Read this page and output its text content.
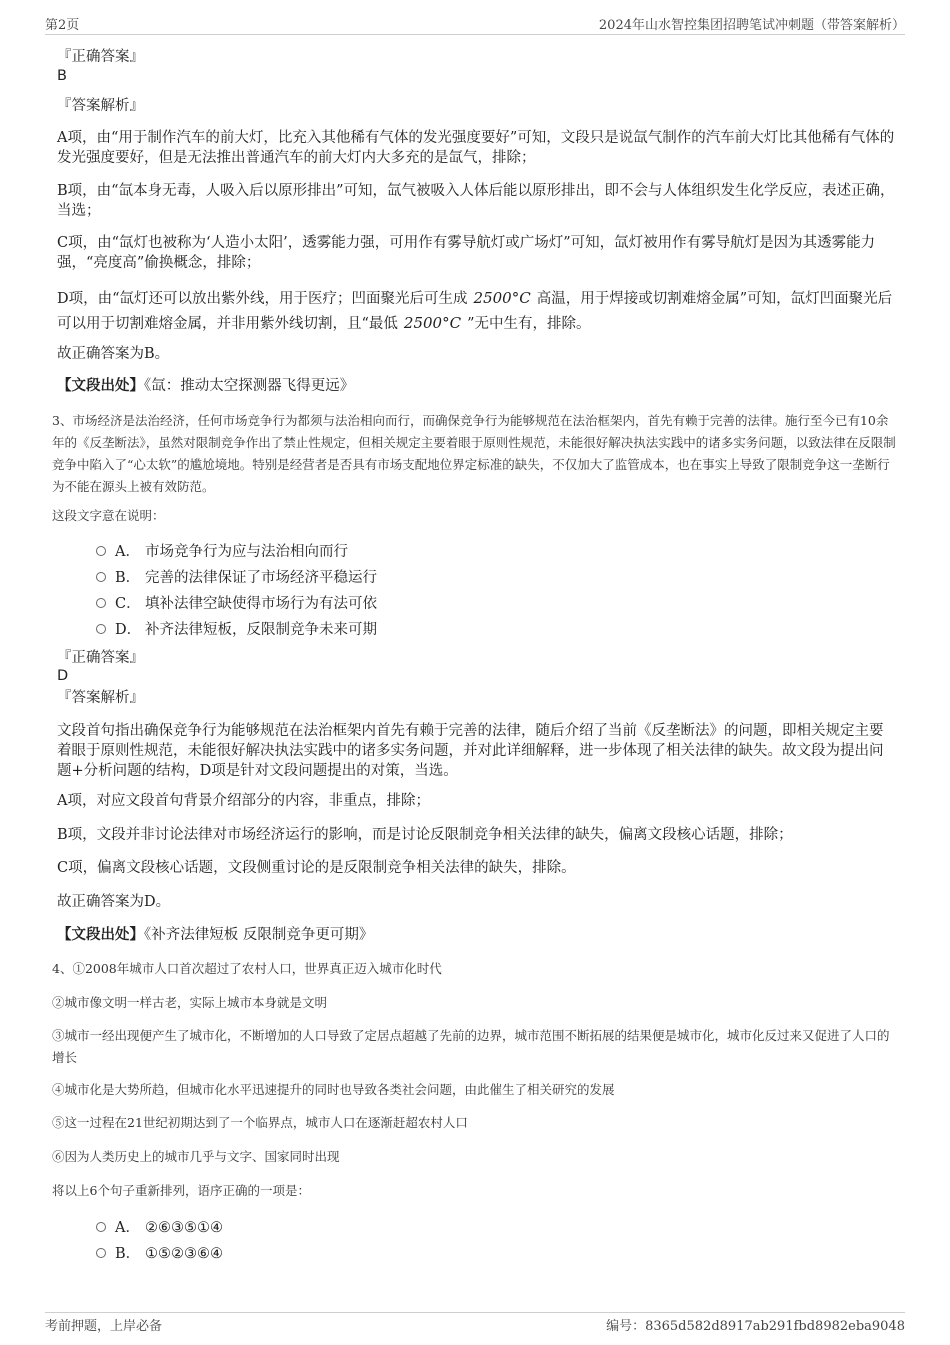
第2页	2024年山水智控集团招聘笔试冲刺题（带答案解析）
『正确答案』
B
『答案解析』
A项，由“用于制作汽车的前大灯，比充入其他稀有气体的发光强度要好”可知，文段只是说氙气制作的汽车前大灯比其他稀有气体的发光强度要好，但是无法推出普通汽车的前大灯内大多充的是氙气，排除；
B项，由“氙本身无毒，人吸入后以原形排出”可知，氙气被吸入人体后能以原形排出，即不会与人体组织发生化学反应，表述正确，当选；
C项，由“氙灯也被称为‘人造小太阳’，透雾能力强，可用作有雾导航灯或广场灯”可知，氙灯被用作有雾导航灯是因为其透雾能力强，“亮度高”偷换概念，排除；
D项，由“氙灯还可以放出紫外线，用于医疗；凹面聚光后可生成 2500°C 高温，用于焊接或切割难熔金属”可知，氙灯凹面聚光后可以用于切割难熔金属，并非用紫外线切割，且“最低 2500°C ”无中生有，排除。
故正确答案为B。
【文段出处】《氙：推动太空探测器飞得更远》
3、市场经济是法治经济，任何市场竞争行为都须与法治相向而行，而确保竞争行为能够规范在法治框架内，首先有赖于完善的法律。施行至今已有10余年的《反垄断法》，虽然对限制竞争作出了禁止性规定，但相关规定主要着眼于原则性规范，未能很好解决执法实践中的诸多实务问题，以致法律在反限制竞争中陷入了“心太软”的尴尬境地。特别是经营者是否具有市场支配地位界定标准的缺失，不仅加大了监管成本，也在事实上导致了限制竞争这一垄断行为不能在源头上被有效防范。
这段文字意在说明：
A． 市场竞争行为应与法治相向而行
B． 完善的法律保证了市场经济平稳运行
C． 填补法律空缺使得市场行为有法可依
D． 补齐法律短板，反限制竞争未来可期
『正确答案』
D
『答案解析』
文段首句指出确保竞争行为能够规范在法治框架内首先有赖于完善的法律，随后介绍了当前《反垄断法》的问题，即相关规定主要着眼于原则性规范，未能很好解决执法实践中的诸多实务问题，并对此详细解释，进一步体现了相关法律的缺失。故文段为提出问题+分析问题的结构，D项是针对文段问题提出的对策，当选。
A项，对应文段首句背景介绍部分的内容，非重点，排除；
B项，文段并非讨论法律对市场经济运行的影响，而是讨论反限制竞争相关法律的缺失，偏离文段核心话题，排除；
C项，偏离文段核心话题，文段侧重讨论的是反限制竞争相关法律的缺失，排除。
故正确答案为D。
【文段出处】《补齐法律短板 反限制竞争更可期》
4、①2008年城市人口首次超过了农村人口，世界真正迈入城市化时代
②城市像文明一样古老，实际上城市本身就是文明
③城市一经出现便产生了城市化，不断增加的人口导致了定居点超越了先前的边界，城市范围不断拓展的结果便是城市化，城市化反过来又促进了人口的增长
④城市化是大势所趋，但城市化水平迅速提升的同时也导致各类社会问题，由此催生了相关研究的发展
⑤这一过程在21世纪初期达到了一个临界点，城市人口在逐渐赶超农村人口
⑥因为人类历史上的城市几乎与文字、国家同时出现
将以上6个句子重新排列，语序正确的一项是：
A． ②⑥③⑤①④
B． ①⑤②③⑥④
考前押题，上岸必备	编号：8365d582d8917ab291fbd8982eba9048
